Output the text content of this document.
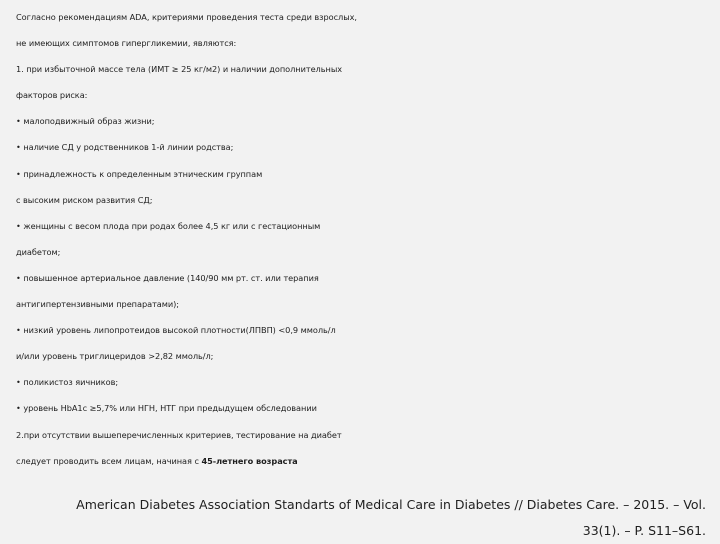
Согласно рекомендациям ADA, критериями проведения теста среди взрослых,
не имеющих симптомов гипергликемии, являются:
1. при избыточной массе тела (ИМТ ≥ 25 кг/м2) и наличии дополнительных
факторов риска:
• малоподвижный образ жизни;
• наличие СД у родственников 1-й линии родства;
• принадлежность к определенным этническим группам
с высоким риском развития СД;
• женщины с весом плода при родах более 4,5 кг или с гестационным
диабетом;
• повышенное артериальное давление (140/90 мм рт. ст. или терапия
антигипертензивными препаратами);
• низкий уровень липопротеидов высокой плотности(ЛПВП) <0,9 ммоль/л
и/или уровень триглицеридов >2,82 ммоль/л;
• поликистоз яичников;
• уровень HbA1c ≥5,7% или НГН, НТГ при предыдущем обследовании
2.при отсутствии вышеперечисленных критериев, тестирование на диабет
следует проводить всем лицам, начиная с 45-летнего возраста
American Diabetes Association Standarts of Medical Care in Diabetes // Diabetes Care. – 2015. – Vol.
33(1). – P. S11–S61.
